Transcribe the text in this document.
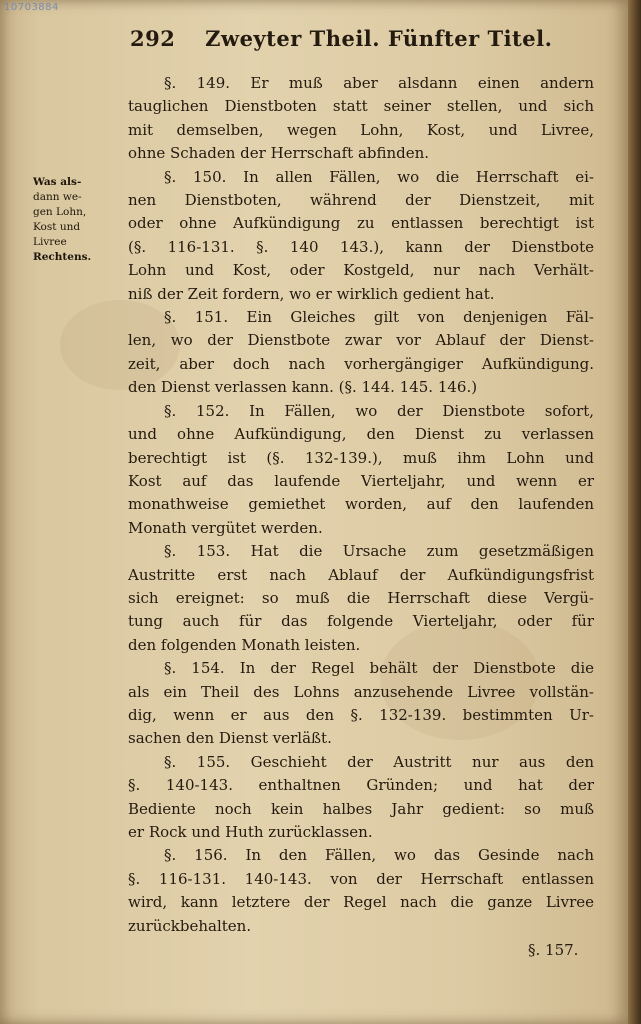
10703884
292 Zweyter Theil. Fünfter Titel.
Was als-
dann we-
gen Lohn,
Kost und
Livree
Rechtens.
§. 149. Er muß aber alsdann einen andern
tauglichen Dienstboten statt seiner stellen, und sich
mit demselben, wegen Lohn, Kost, und Livree,
ohne Schaden der Herrschaft abfinden.
§. 150. In allen Fällen, wo die Herrschaft ei-
nen Dienstboten, während der Dienstzeit, mit
oder ohne Aufkündigung zu entlassen berechtigt ist
(§. 116-131. §. 140 143.), kann der Dienstbote
Lohn und Kost, oder Kostgeld, nur nach Verhält-
niß der Zeit fordern, wo er wirklich gedient hat.
§. 151. Ein Gleiches gilt von denjenigen Fäl-
len, wo der Dienstbote zwar vor Ablauf der Dienst-
zeit, aber doch nach vorhergängiger Aufkündigung.
den Dienst verlassen kann. (§. 144. 145. 146.)
§. 152. In Fällen, wo der Dienstbote sofort,
und ohne Aufkündigung, den Dienst zu verlassen
berechtigt ist (§. 132-139.), muß ihm Lohn und
Kost auf das laufende Vierteljahr, und wenn er
monathweise gemiethet worden, auf den laufenden
Monath vergütet werden.
§. 153. Hat die Ursache zum gesetzmäßigen
Austritte erst nach Ablauf der Aufkündigungsfrist
sich ereignet: so muß die Herrschaft diese Vergü-
tung auch für das folgende Vierteljahr, oder für
den folgenden Monath leisten.
§. 154. In der Regel behält der Dienstbote die
als ein Theil des Lohns anzusehende Livree vollstän-
dig, wenn er aus den §. 132-139. bestimmten Ur-
sachen den Dienst verläßt.
§. 155. Geschieht der Austritt nur aus den
§. 140-143. enthaltnen Gründen; und hat der
Bediente noch kein halbes Jahr gedient: so muß
er Rock und Huth zurücklassen.
§. 156. In den Fällen, wo das Gesinde nach
§. 116-131. 140-143. von der Herrschaft entlassen
wird, kann letztere der Regel nach die ganze Livree
zurückbehalten.
§. 157.
